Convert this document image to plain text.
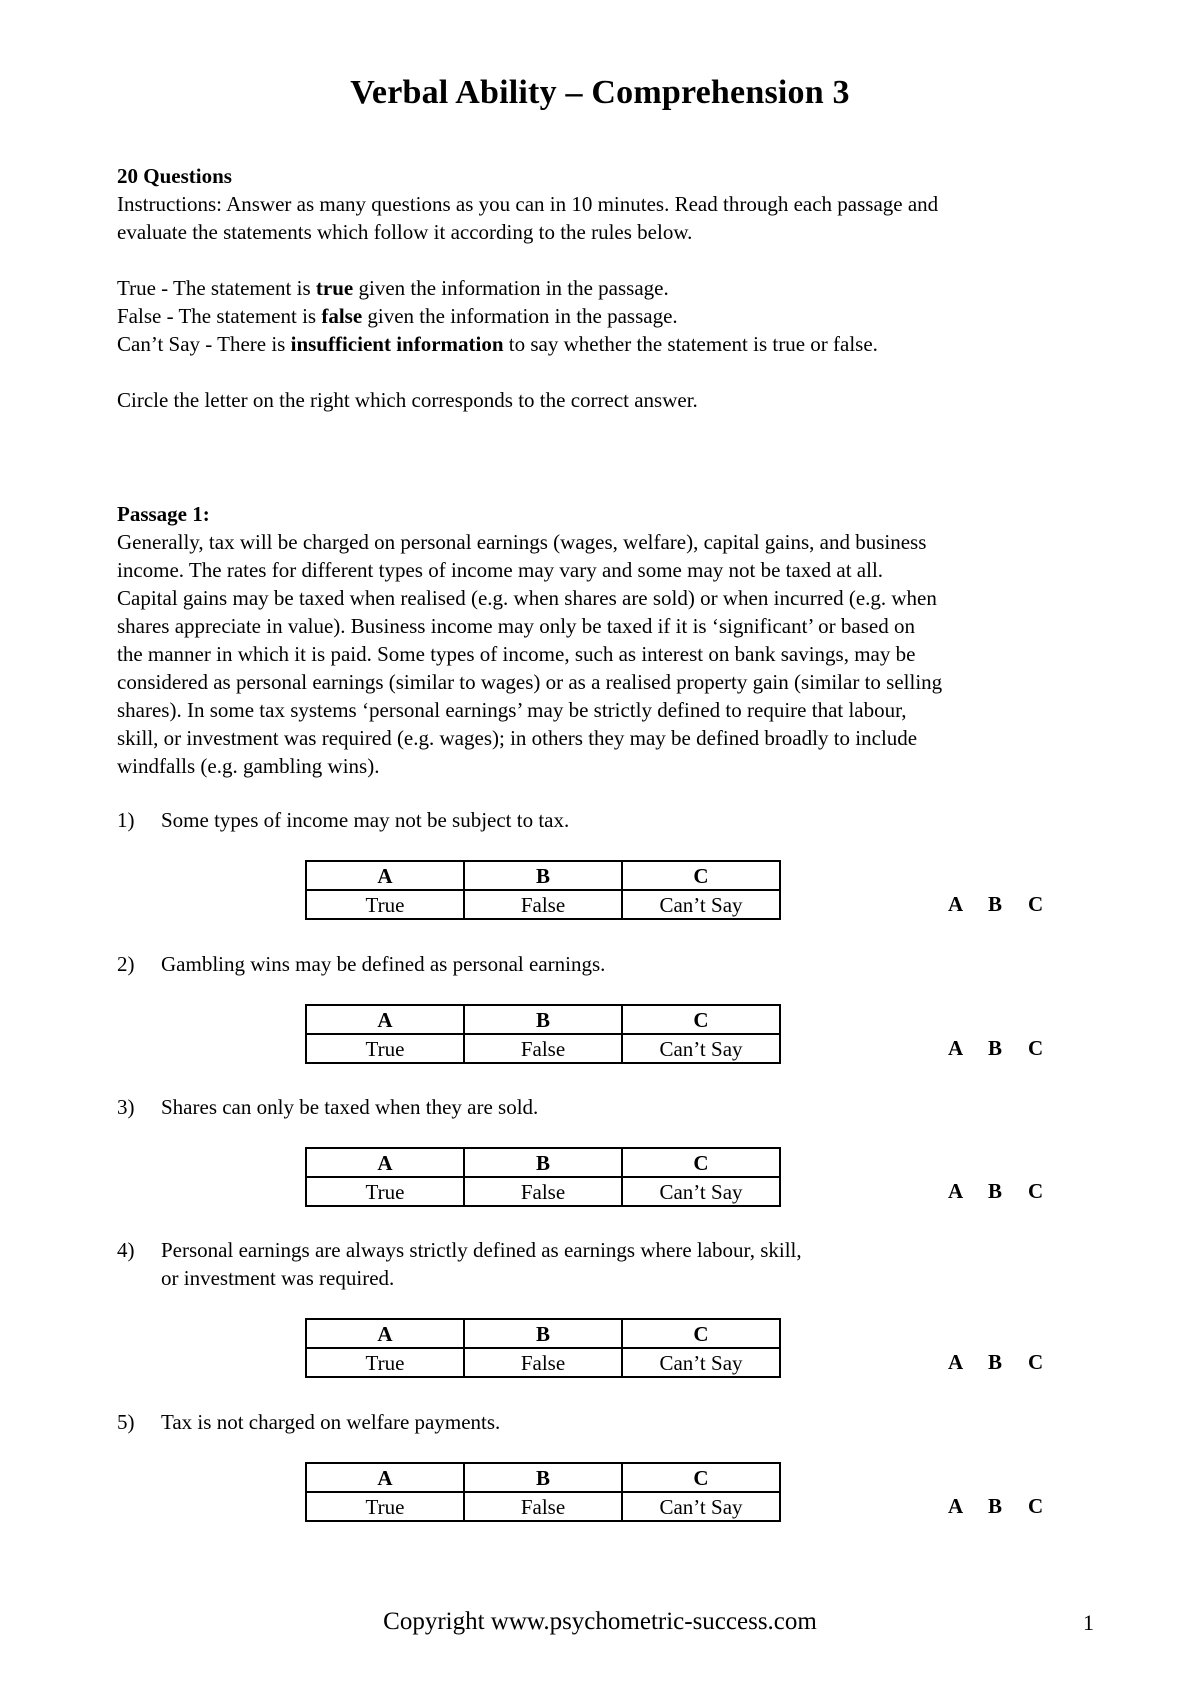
Verbal Ability – Comprehension 3
20 Questions
Instructions: Answer as many questions as you can in 10 minutes. Read through each passage and
evaluate the statements which follow it according to the rules below.
True - The statement is true given the information in the passage.
False - The statement is false given the information in the passage.
Can’t Say - There is insufficient information to say whether the statement is true or false.
Circle the letter on the right which corresponds to the correct answer.
Passage 1:
Generally, tax will be charged on personal earnings (wages, welfare), capital gains, and business
income. The rates for different types of income may vary and some may not be taxed at all.
Capital gains may be taxed when realised (e.g. when shares are sold) or when incurred (e.g. when
shares appreciate in value). Business income may only be taxed if it is ‘significant’ or based on
the manner in which it is paid. Some types of income, such as interest on bank savings, may be
considered as personal earnings (similar to wages) or as a realised property gain (similar to selling
shares). In some tax systems ‘personal earnings’ may be strictly defined to require that labour,
skill, or investment was required (e.g. wages); in others they may be defined broadly to include
windfalls (e.g. gambling wins).
1) Some types of income may not be subject to tax.
A	B	C
True	False	Can’t Say	A B C
2) Gambling wins may be defined as personal earnings.
A	B	C
True	False	Can’t Say	A B C
3) Shares can only be taxed when they are sold.
A	B	C
True	False	Can’t Say	A B C
4) Personal earnings are always strictly defined as earnings where labour, skill,
or investment was required.
A	B	C
True	False	Can’t Say	A B C
5) Tax is not charged on welfare payments.
A	B	C
True	False	Can’t Say	A B C
Copyright www.psychometric-success.com	1
